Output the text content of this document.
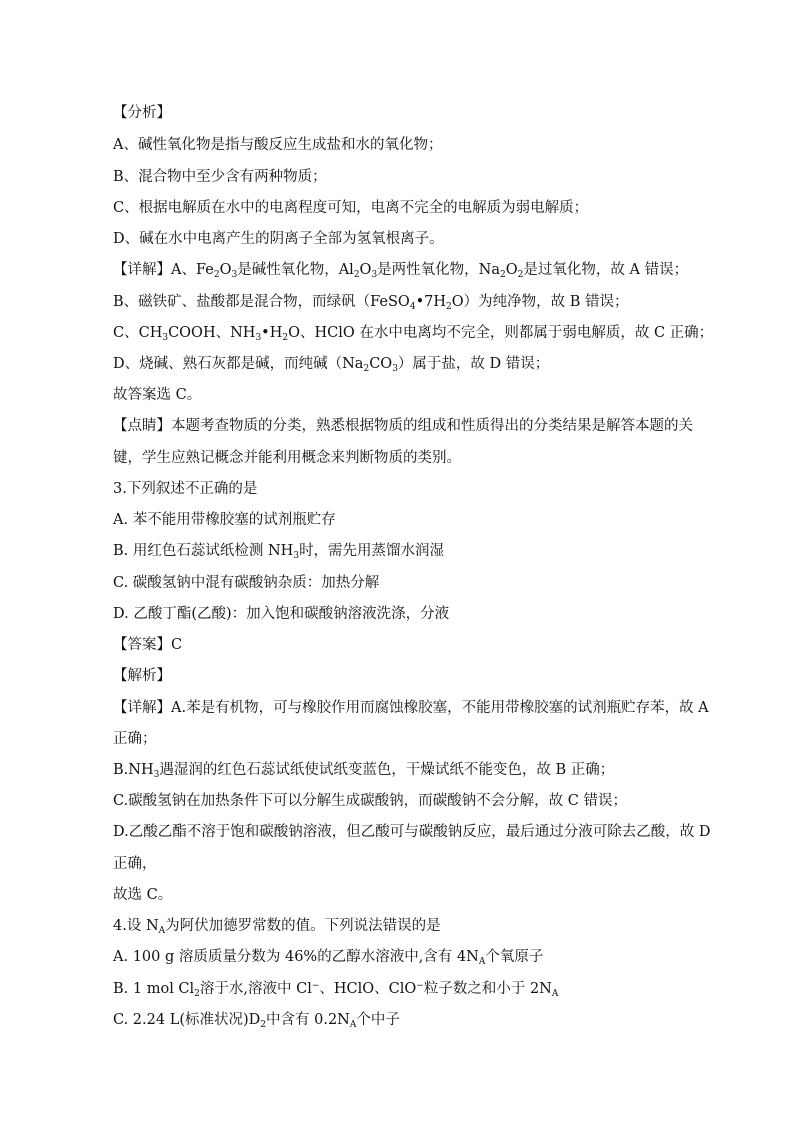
【分析】
A、碱性氧化物是指与酸反应生成盐和水的氧化物；
B、混合物中至少含有两种物质；
C、根据电解质在水中的电离程度可知，电离不完全的电解质为弱电解质；
D、碱在水中电离产生的阴离子全部为氢氧根离子。
【详解】A、$Fe_2O_3$是碱性氧化物，$Al_2O_3$是两性氧化物，$Na_2O_2$是过氧化物，故 A 错误；
B、磁铁矿、盐酸都是混合物，而绿矾$(FeSO_4•7H_2O)$为纯净物，故 B 错误；
C、$CH_3COOH$、$NH_3•H_2O$、HClO 在水中电离均不完全，则都属于弱电解质，故 C 正确；
D、烧碱、熟石灰都是碱，而纯碱$(Na_2CO_3)$属于盐，故 D 错误；
故答案选 C。
【点睛】本题考查物质的分类，熟悉根据物质的组成和性质得出的分类结果是解答本题的关
键，学生应熟记概念并能利用概念来判断物质的类别。
3.下列叙述不正确的是
A. 苯不能用带橡胶塞的试剂瓶贮存
B. 用红色石蕊试纸检测 $NH_3$时，需先用蒸馏水润湿
C. 碳酸氢钠中混有碳酸钠杂质：加热分解
D. 乙酸丁酯(乙酸)：加入饱和碳酸钠溶液洗涤，分液
【答案】C
【解析】
【详解】A.苯是有机物，可与橡胶作用而腐蚀橡胶塞，不能用带橡胶塞的试剂瓶贮存苯，故 A
正确；
$B.NH_3$遇湿润的红色石蕊试纸使试纸变蓝色，干燥试纸不能变色，故 B 正确；
C.碳酸氢钠在加热条件下可以分解生成碳酸钠，而碳酸钠不会分解，故 C 错误；
D.乙酸乙酯不溶于饱和碳酸钠溶液，但乙酸可与碳酸钠反应，最后通过分液可除去乙酸，故 D
正确，
故选 C。
4.设 $N_A$为阿伏加德罗常数的值。下列说法错误的是
A. 100 g 溶质质量分数为 46%的乙醇水溶液中,含有 $4N_A$个氧原子
B. 1 mol $Cl_2$溶于水,溶液中 Cl−、HClO、ClO−粒子数之和小于 $2N_A$
C. 2.24 L(标准状况)$D_2$中含有 $0.2N_A$个中子
